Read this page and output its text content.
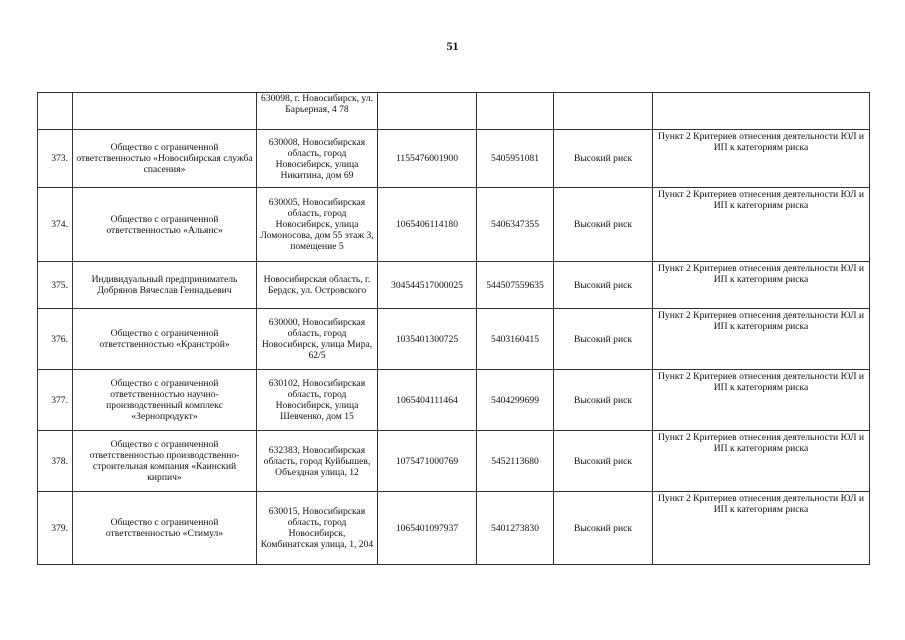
51
		630098, г. Новосибирск, ул. Барьерная, 4 78				
373.	Общество с ограниченной ответственностью «Новосибирская служба спасения»	630008, Новосибирская область, город Новосибирск, улица Никитина, дом 69	1155476001900	5405951081	Высокий риск	Пункт 2 Критериев отнесения деятельности ЮЛ и ИП к категориям риска
374.	Общество с ограниченной ответственностью «Альянс»	630005, Новосибирская область, город Новосибирск, улица Ломоносова, дом 55 этаж 3, помещение 5	1065406114180	5406347355	Высокий риск	Пункт 2 Критериев отнесения деятельности ЮЛ и ИП к категориям риска
375.	Индивидуальный предприниматель Добрянов Вячеслав Геннадьевич	Новосибирская область, г. Бердск, ул. Островского	304544517000025	544507559635	Высокий риск	Пункт 2 Критериев отнесения деятельности ЮЛ и ИП к категориям риска
376.	Общество с ограниченной ответственностью «Кранстрой»	630000, Новосибирская область, город Новосибирск, улица Мира, 62/5	1035401300725	5403160415	Высокий риск	Пункт 2 Критериев отнесения деятельности ЮЛ и ИП к категориям риска
377.	Общество с ограниченной ответственностью научно-производственный комплекс «Зернопродукт»	630102, Новосибирская область, город Новосибирск, улица Шевченко, дом 15	1065404111464	5404299699	Высокий риск	Пункт 2 Критериев отнесения деятельности ЮЛ и ИП к категориям риска
378.	Общество с ограниченной ответственностью производственно-строительная компания «Каинский кирпич»	632383, Новосибирская область, город Куйбышев, Объездная улица, 12	1075471000769	5452113680	Высокий риск	Пункт 2 Критериев отнесения деятельности ЮЛ и ИП к категориям риска
379.	Общество с ограниченной ответственностью «Стимул»	630015, Новосибирская область, город Новосибирск, Комбинатская улица, 1, 204	1065401097937	5401273830	Высокий риск	Пункт 2 Критериев отнесения деятельности ЮЛ и ИП к категориям риска
